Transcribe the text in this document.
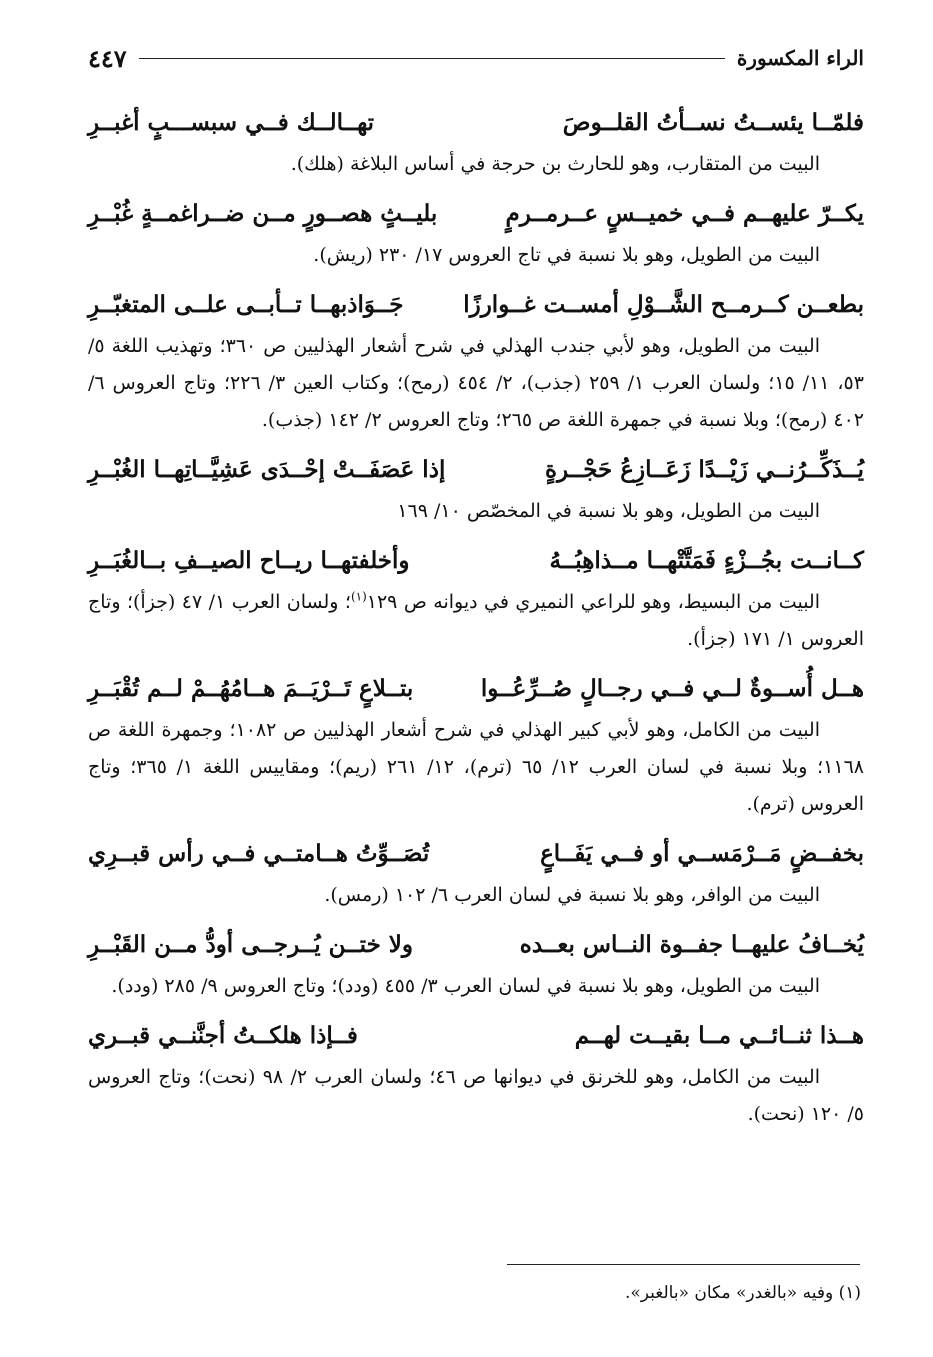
الراء المكسورة
٤٤٧
فلمّــا يئســتُ نســأتُ القلــوصَ
تهــالــك فــي سبســـبٍ أغبــرِ

البيت من المتقارب، وهو للحارث بن حرجة في أساس البلاغة (هلك).

يكــرّ عليهــم فــي خميــسٍ عــرمــرمٍ
بليــثٍ هصــورٍ مــن ضــراغمــةٍ غُبْــرِ

البيت من الطويل، وهو بلا نسبة في تاج العروس ١٧/ ٢٣٠ (ريش).

بطعــن كــرمــح الشَّــوْلِ أمســت غــوارزًا
جَــوَاذبهــا تــأبــى علــى المتغبّــرِ

البيت من الطويل، وهو لأبي جندب الهذلي في شرح أشعار الهذليين ص ٣٦٠؛ وتهذيب اللغة ٥/ ٥٣، ١١/ ١٥؛ ولسان العرب ١/ ٢٥٩ (جذب)، ٢/ ٤٥٤ (رمح)؛ وكتاب العين ٣/ ٢٢٦؛ وتاج العروس ٦/ ٤٠٢ (رمح)؛ وبلا نسبة في جمهرة اللغة ص ٢٦٥؛ وتاج العروس ٢/ ١٤٢ (جذب).

يُــذَكِّــرُنــي زَيْــدًا زَعَــازِعُ حَجْــرةٍ
إذا عَصَفَــتْ إحْــدَى عَشِيَّــاتِهــا الغُبْــرِ

البيت من الطويل، وهو بلا نسبة في المخصّص ١٠/ ١٦٩

كــانــت بجُــزْءٍ فَمَتَّتْهــا مــذاهِبُــهُ
وأخلفتهــا ريــاح الصيــفِ بــالغُبَــرِ

البيت من البسيط، وهو للراعي النميري في ديوانه ص ١٢٩$^{(١)}$؛ ولسان العرب ١/ ٤٧ (جزأ)؛ وتاج العروس ١/ ١٧١ (جزأ).

هــل أُســوةٌ لــي فــي رجــالٍ صُــرِّعُــوا
بتــلاعٍ تَــرْيَــمَ هــامُهُــمْ لــم تُقْبَــرِ

البيت من الكامل، وهو لأبي كبير الهذلي في شرح أشعار الهذليين ص ١٠٨٢؛ وجمهرة اللغة ص ١١٦٨؛ وبلا نسبة في لسان العرب ١٢/ ٦٥ (ترم)، ١٢/ ٢٦١ (ريم)؛ ومقاييس اللغة ١/ ٣٦٥؛ وتاج العروس (ترم).

بخفــضٍ مَــرْمَســي أو فــي يَفَــاعٍ
تُصَــوِّتُ هــامتــي فــي رأس قبــرِي

البيت من الوافر، وهو بلا نسبة في لسان العرب ٦/ ١٠٢ (رمس).

يُخــافُ عليهــا جفــوة النــاس بعــده
ولا ختــن يُــرجــى أودُّ مــن القَبْــرِ

البيت من الطويل، وهو بلا نسبة في لسان العرب ٣/ ٤٥٥ (ودد)؛ وتاج العروس ٩/ ٢٨٥ (ودد).

هــذا ثنــائــي مــا بقيــت لهــم
فــإذا هلكــتُ أجنَّنــي قبــري

البيت من الكامل، وهو للخرنق في ديوانها ص ٤٦؛ ولسان العرب ٢/ ٩٨ (نحت)؛ وتاج العروس ٥/ ١٢٠ (نحت).

(١) وفيه «بالغدر» مكان «بالغبر».
